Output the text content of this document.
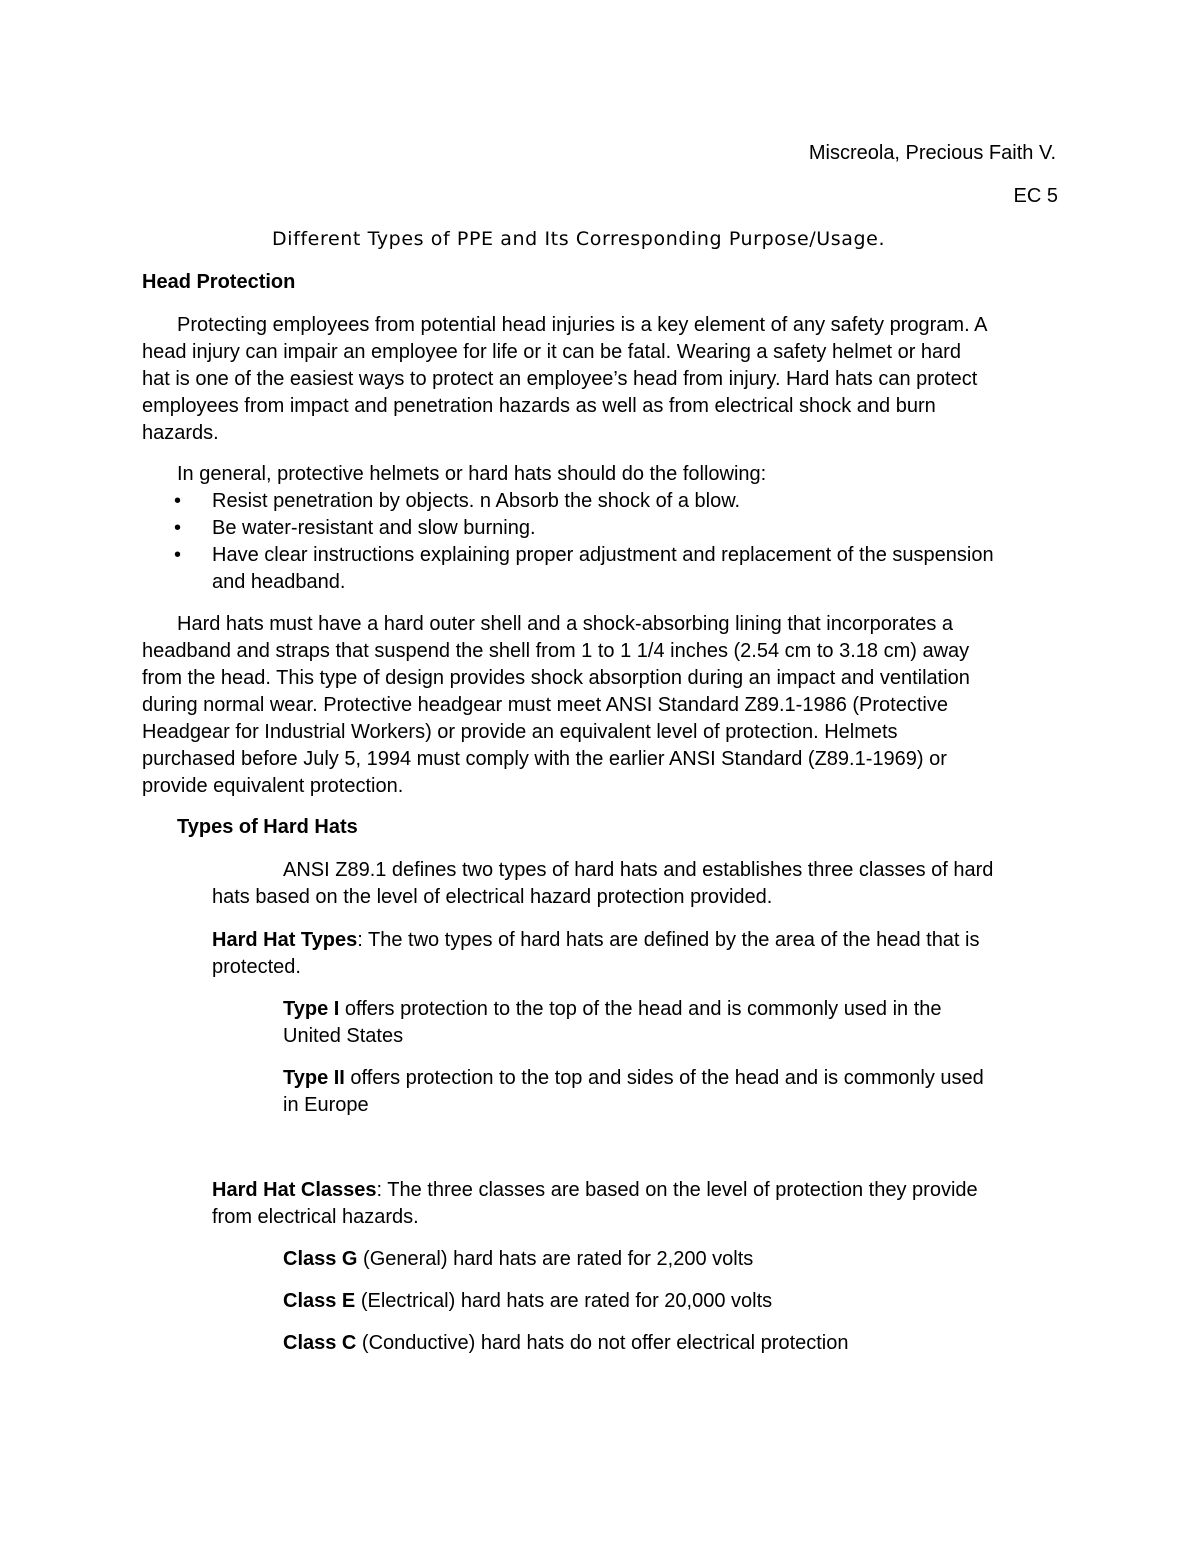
Miscreola, Precious Faith V.
EC 5
Different Types of PPE and Its Corresponding Purpose/Usage.
Head Protection
Protecting employees from potential head injuries is a key element of any safety program. A
head injury can impair an employee for life or it can be fatal. Wearing a safety helmet or hard
hat is one of the easiest ways to protect an employee’s head from injury. Hard hats can protect
employees from impact and penetration hazards as well as from electrical shock and burn
hazards.
In general, protective helmets or hard hats should do the following:
• Resist penetration by objects. n Absorb the shock of a blow.
• Be water-resistant and slow burning.
• Have clear instructions explaining proper adjustment and replacement of the suspension
and headband.
Hard hats must have a hard outer shell and a shock-absorbing lining that incorporates a
headband and straps that suspend the shell from 1 to 1 1/4 inches (2.54 cm to 3.18 cm) away
from the head. This type of design provides shock absorption during an impact and ventilation
during normal wear. Protective headgear must meet ANSI Standard Z89.1-1986 (Protective
Headgear for Industrial Workers) or provide an equivalent level of protection. Helmets
purchased before July 5, 1994 must comply with the earlier ANSI Standard (Z89.1-1969) or
provide equivalent protection.
Types of Hard Hats
ANSI Z89.1 defines two types of hard hats and establishes three classes of hard
hats based on the level of electrical hazard protection provided.
Hard Hat Types: The two types of hard hats are defined by the area of the head that is
protected.
Type I offers protection to the top of the head and is commonly used in the
United States
Type II offers protection to the top and sides of the head and is commonly used
in Europe
Hard Hat Classes: The three classes are based on the level of protection they provide
from electrical hazards.
Class G (General) hard hats are rated for 2,200 volts
Class E (Electrical) hard hats are rated for 20,000 volts
Class C (Conductive) hard hats do not offer electrical protection
